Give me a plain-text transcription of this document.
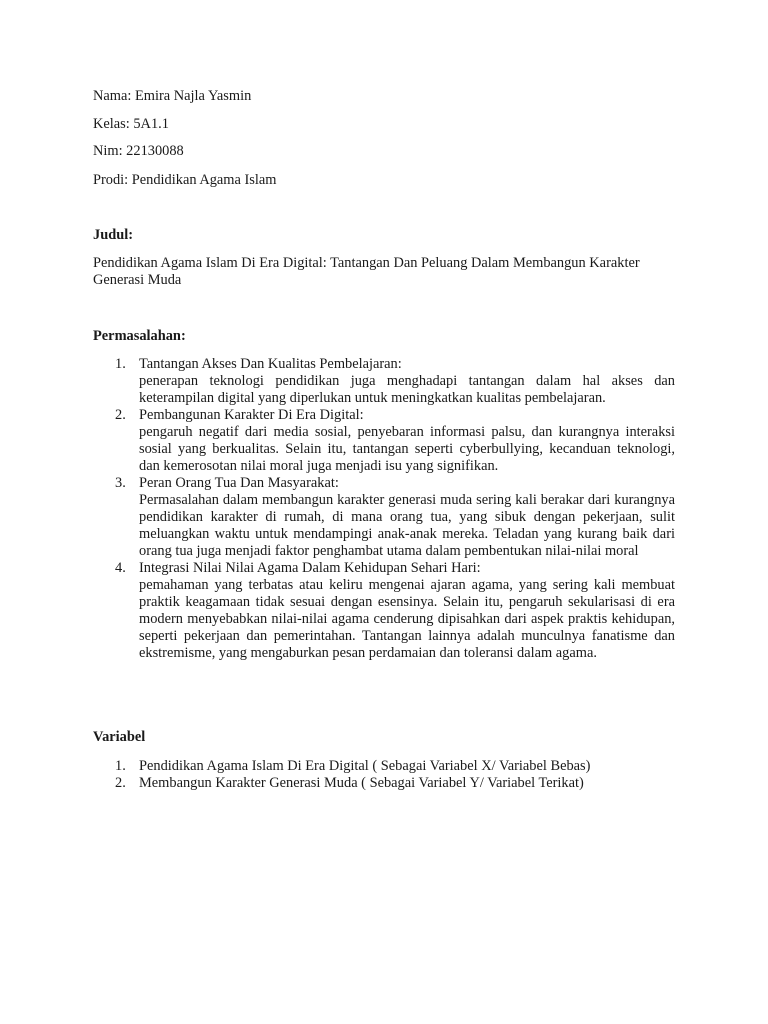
Nama: Emira Najla Yasmin
Kelas: 5A1.1
Nim: 22130088
Prodi: Pendidikan Agama Islam
Judul:
Pendidikan Agama Islam Di Era Digital: Tantangan Dan Peluang Dalam Membangun Karakter Generasi Muda
Permasalahan:
1. Tantangan Akses Dan Kualitas Pembelajaran:
penerapan teknologi pendidikan juga menghadapi tantangan dalam hal akses dan keterampilan digital yang diperlukan untuk meningkatkan kualitas pembelajaran.
2. Pembangunan Karakter Di Era Digital:
pengaruh negatif dari media sosial, penyebaran informasi palsu, dan kurangnya interaksi sosial yang berkualitas. Selain itu, tantangan seperti cyberbullying, kecanduan teknologi, dan kemerosotan nilai moral juga menjadi isu yang signifikan.
3. Peran Orang Tua Dan Masyarakat:
Permasalahan dalam membangun karakter generasi muda sering kali berakar dari kurangnya pendidikan karakter di rumah, di mana orang tua, yang sibuk dengan pekerjaan, sulit meluangkan waktu untuk mendampingi anak-anak mereka. Teladan yang kurang baik dari orang tua juga menjadi faktor penghambat utama dalam pembentukan nilai-nilai moral
4. Integrasi Nilai Nilai Agama Dalam Kehidupan Sehari Hari:
pemahaman yang terbatas atau keliru mengenai ajaran agama, yang sering kali membuat praktik keagamaan tidak sesuai dengan esensinya. Selain itu, pengaruh sekularisasi di era modern menyebabkan nilai-nilai agama cenderung dipisahkan dari aspek praktis kehidupan, seperti pekerjaan dan pemerintahan. Tantangan lainnya adalah munculnya fanatisme dan ekstremisme, yang mengaburkan pesan perdamaian dan toleransi dalam agama.
Variabel
1. Pendidikan Agama Islam Di Era Digital ( Sebagai Variabel X/ Variabel Bebas)
2. Membangun Karakter Generasi Muda ( Sebagai Variabel Y/ Variabel Terikat)
